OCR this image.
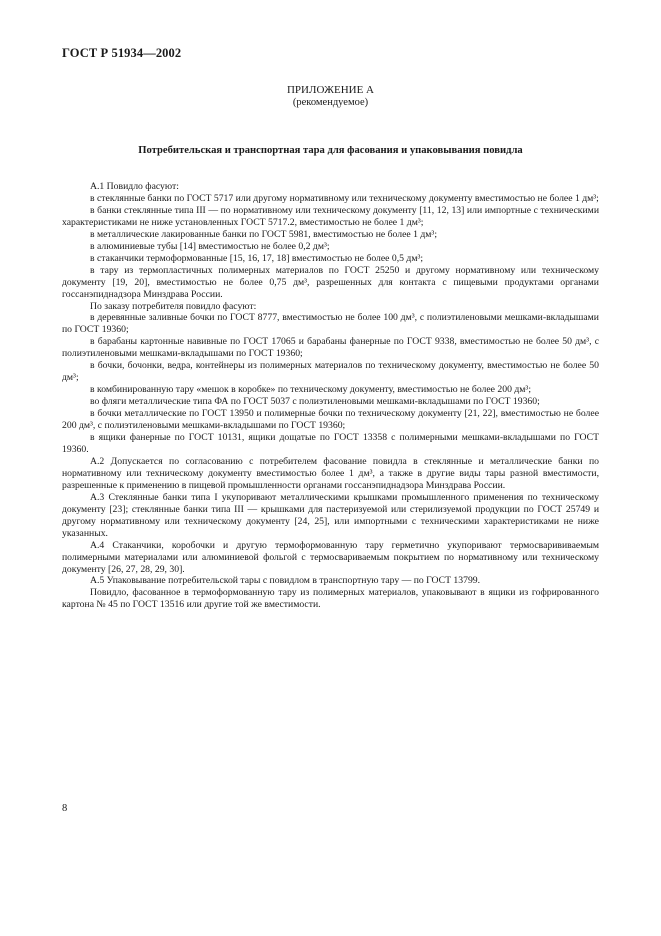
ГОСТ Р 51934—2002
ПРИЛОЖЕНИЕ А
(рекомендуемое)
Потребительская и транспортная тара для фасования и упаковывания повидла

А.1 Повидло фасуют:

в стеклянные банки по ГОСТ 5717 или другому нормативному или техническому документу вместимостью не более 1 дм³;

в банки стеклянные типа III — по нормативному или техническому документу [11, 12, 13] или импортные с техническими характеристиками не ниже установленных ГОСТ 5717.2, вместимостью не более 1 дм³;

в металлические лакированные банки по ГОСТ 5981, вместимостью не более 1 дм³;

в алюминиевые тубы [14] вместимостью не более 0,2 дм³;

в стаканчики термоформованные [15, 16, 17, 18] вместимостью не более 0,5 дм³;

в тару из термопластичных полимерных материалов по ГОСТ 25250 и другому нормативному или техническому документу [19, 20], вместимостью не более 0,75 дм³, разрешенных для контакта с пищевыми продуктами органами госсанэпиднадзора Минздрава России.

По заказу потребителя повидло фасуют:

в деревянные заливные бочки по ГОСТ 8777, вместимостью не более 100 дм³, с полиэтиленовыми мешками-вкладышами по ГОСТ 19360;

в барабаны картонные навивные по ГОСТ 17065 и барабаны фанерные по ГОСТ 9338, вместимостью не более 50 дм³, с полиэтиленовыми мешками-вкладышами по ГОСТ 19360;

в бочки, бочонки, ведра, контейнеры из полимерных материалов по техническому документу, вместимостью не более 50 дм³;

в комбинированную тару «мешок в коробке» по техническому документу, вместимостью не более 200 дм³;

во фляги металлические типа ФА по ГОСТ 5037 с полиэтиленовыми мешками-вкладышами по ГОСТ 19360;

в бочки металлические по ГОСТ 13950 и полимерные бочки по техническому документу [21, 22], вместимостью не более 200 дм³, с полиэтиленовыми мешками-вкладышами по ГОСТ 19360;

в ящики фанерные по ГОСТ 10131, ящики дощатые по ГОСТ 13358 с полимерными мешками-вкладышами по ГОСТ 19360.

А.2 Допускается по согласованию с потребителем фасование повидла в стеклянные и металлические банки по нормативному или техническому документу вместимостью более 1 дм³, а также в другие виды тары разной вместимости, разрешенные к применению в пищевой промышленности органами госсанэпиднадзора Минздрава России.

А.3 Стеклянные банки типа I укупоривают металлическими крышками промышленного применения по техническому документу [23]; стеклянные банки типа III — крышками для пастеризуемой или стерилизуемой продукции по ГОСТ 25749 и другому нормативному или техническому документу [24, 25], или импортными с техническими характеристиками не ниже указанных.

А.4 Стаканчики, коробочки и другую термоформованную тару герметично укупоривают термосварививаемым полимерными материалами или алюминиевой фольгой с термосвариваемым покрытием по нормативному или техническому документу [26, 27, 28, 29, 30].

А.5 Упаковывание потребительской тары с повидлом в транспортную тару — по ГОСТ 13799.

Повидло, фасованное в термоформованную тару из полимерных материалов, упаковывают в ящики из гофрированного картона № 45 по ГОСТ 13516 или другие той же вместимости.

8
